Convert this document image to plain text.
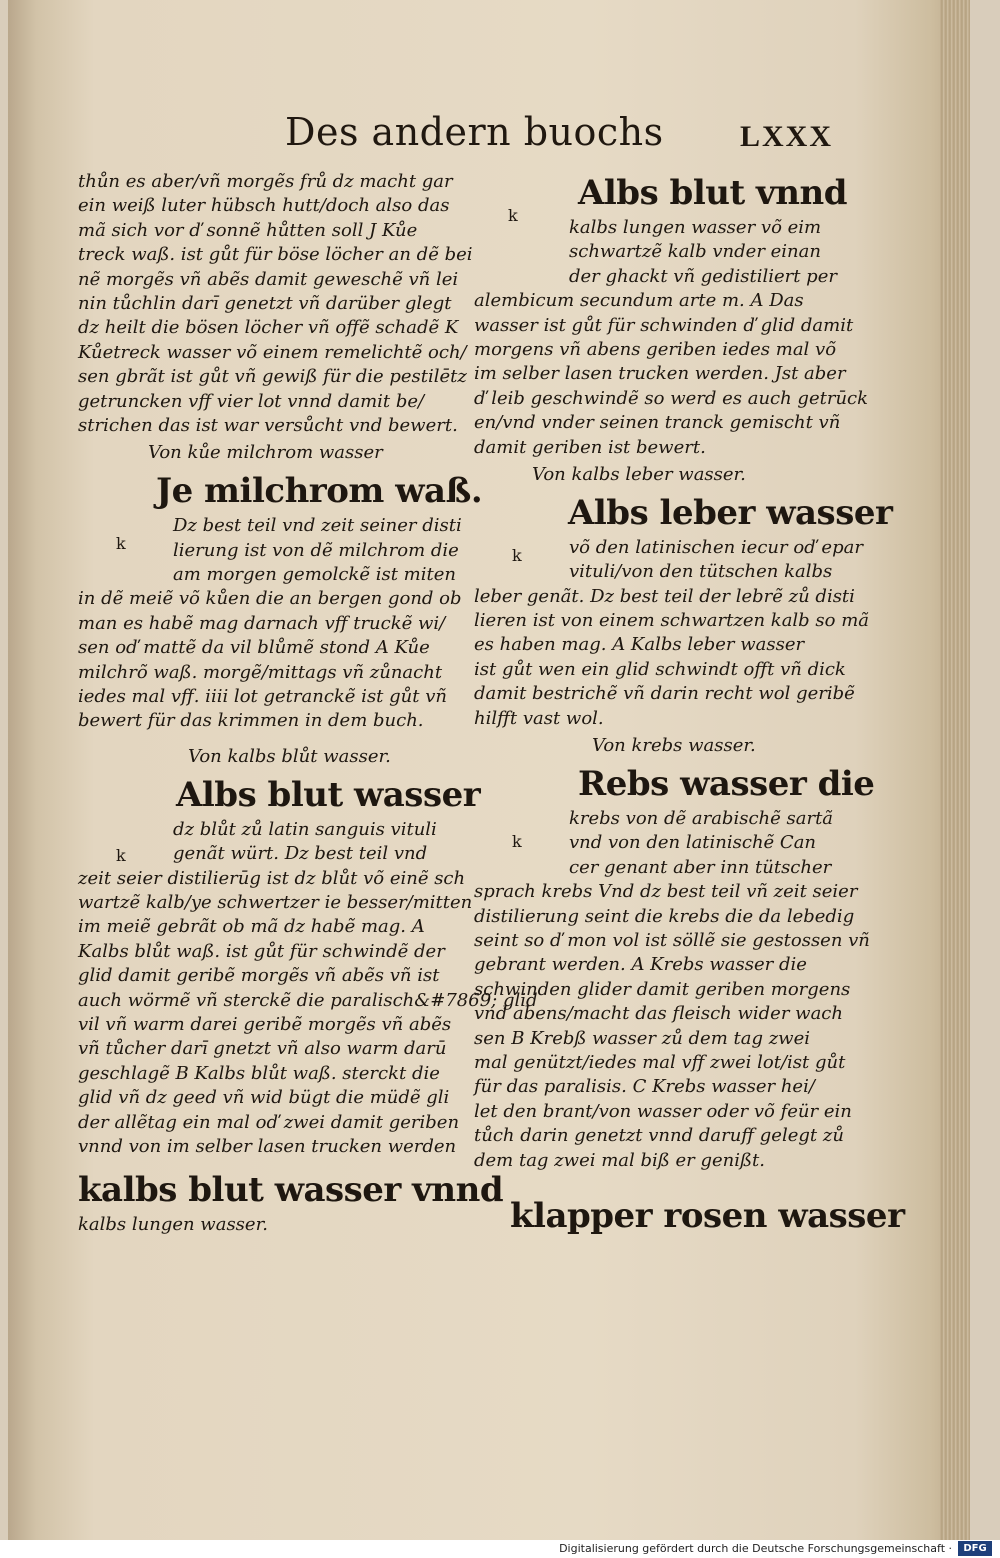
Des andern buochs	LXXX
thůn es aber/vñ morgẽs frů dz macht gar
ein weiß luter hübsch hutt/doch also das
mã sich vor ď sonnẽ hůtten soll J Kůe
treck waß. ist gůt für böse löcher an dẽ bei
nẽ morgẽs vñ abẽs damit geweschẽ vñ lei
nin tůchlin darī genetzt vñ darüber glegt
dz heilt die bösen löcher vñ offẽ schadẽ K
Kůetreck wasser võ einem remelichtẽ och/
sen gbrãt ist gůt vñ gewiß für die pestilētz
getruncken vff vier lot vnnd damit be/
strichen das ist war versůcht vnd bewert.
Von kůe milchrom wasser
Je milchrom waß.
Dz best teil vnd zeit seiner disti
lierung ist von dẽ milchrom die
am morgen gemolckẽ ist miten
in dẽ meiẽ võ kůen die an bergen gond ob
man es habẽ mag darnach vff truckẽ wi/
sen oď mattẽ da vil blůmẽ stond A Kůe
milchrõ waß. morgẽ/mittags vñ zůnacht
iedes mal vff. iiii lot getranckẽ ist gůt vñ
bewert für das krimmen in dem buch.
Von kalbs blůt wasser.
Albs blut wasser
dz blůt zů latin sanguis vituli
genãt würt. Dz best teil vnd
zeit seier distilierūg ist dz blůt võ einẽ sch
wartzẽ kalb/ye schwertzer ie besser/mitten
im meiẽ gebrãt ob mã dz habẽ mag. A
Kalbs blůt waß. ist gůt für schwindẽ der
glid damit geribẽ morgẽs vñ abẽs vñ ist
auch wörmẽ vñ sterckẽ die paralisch&#7869; glid
vil vñ warm darei geribẽ morgẽs vñ abẽs
vñ tůcher darī gnetzt vñ also warm darū
geschlagẽ B Kalbs blůt waß. sterckt die
glid vñ dz geed vñ wid bügt die müdẽ gli
der allẽtag ein mal oď zwei damit geriben
vnnd von im selber lasen trucken werden
kalbs blut wasser vnnd
kalbs lungen wasser.
k
k
k
k
k
Albs blut vnnd
kalbs lungen wasser võ eim
schwartzẽ kalb vnder einan
der ghackt vñ gedistiliert per
alembicum secundum arte m. A Das
wasser ist gůt für schwinden ď glid damit
morgens vñ abens geriben iedes mal võ
im selber lasen trucken werden. Jst aber
ď leib geschwindẽ so werd es auch getrūck
en/vnd vnder seinen tranck gemischt vñ
damit geriben ist bewert.
Von kalbs leber wasser.
Albs leber wasser
võ den latinischen iecur oď epar
vituli/von den tütschen kalbs
leber genãt. Dz best teil der lebrẽ zů disti
lieren ist von einem schwartzen kalb so mã
es haben mag. A Kalbs leber wasser
ist gůt wen ein glid schwindt offt vñ dick
damit bestrichẽ vñ darin recht wol geribẽ
hilfft vast wol.
Von krebs wasser.
Rebs wasser die
krebs von dẽ arabischẽ sartã
vnd von den latinischẽ Can
cer genant aber inn tütscher
sprach krebs Vnd dz best teil vñ zeit seier
distilierung seint die krebs die da lebedig
seint so ď mon vol ist söllẽ sie gestossen vñ
gebrant werden. A Krebs wasser die
schwinden glider damit geriben morgens
vnd abens/macht das fleisch wider wach
sen B Krebß wasser zů dem tag zwei
mal genützt/iedes mal vff zwei lot/ist gůt
für das paralisis. C Krebs wasser hei/
let den brant/von wasser oder võ feür ein
tůch darin genetzt vnnd daruff gelegt zů
dem tag zwei mal biß er genißt.
klapper rosen wasser
Digitalisierung gefördert durch die Deutsche Forschungsgemeinschaft ·	DFG
